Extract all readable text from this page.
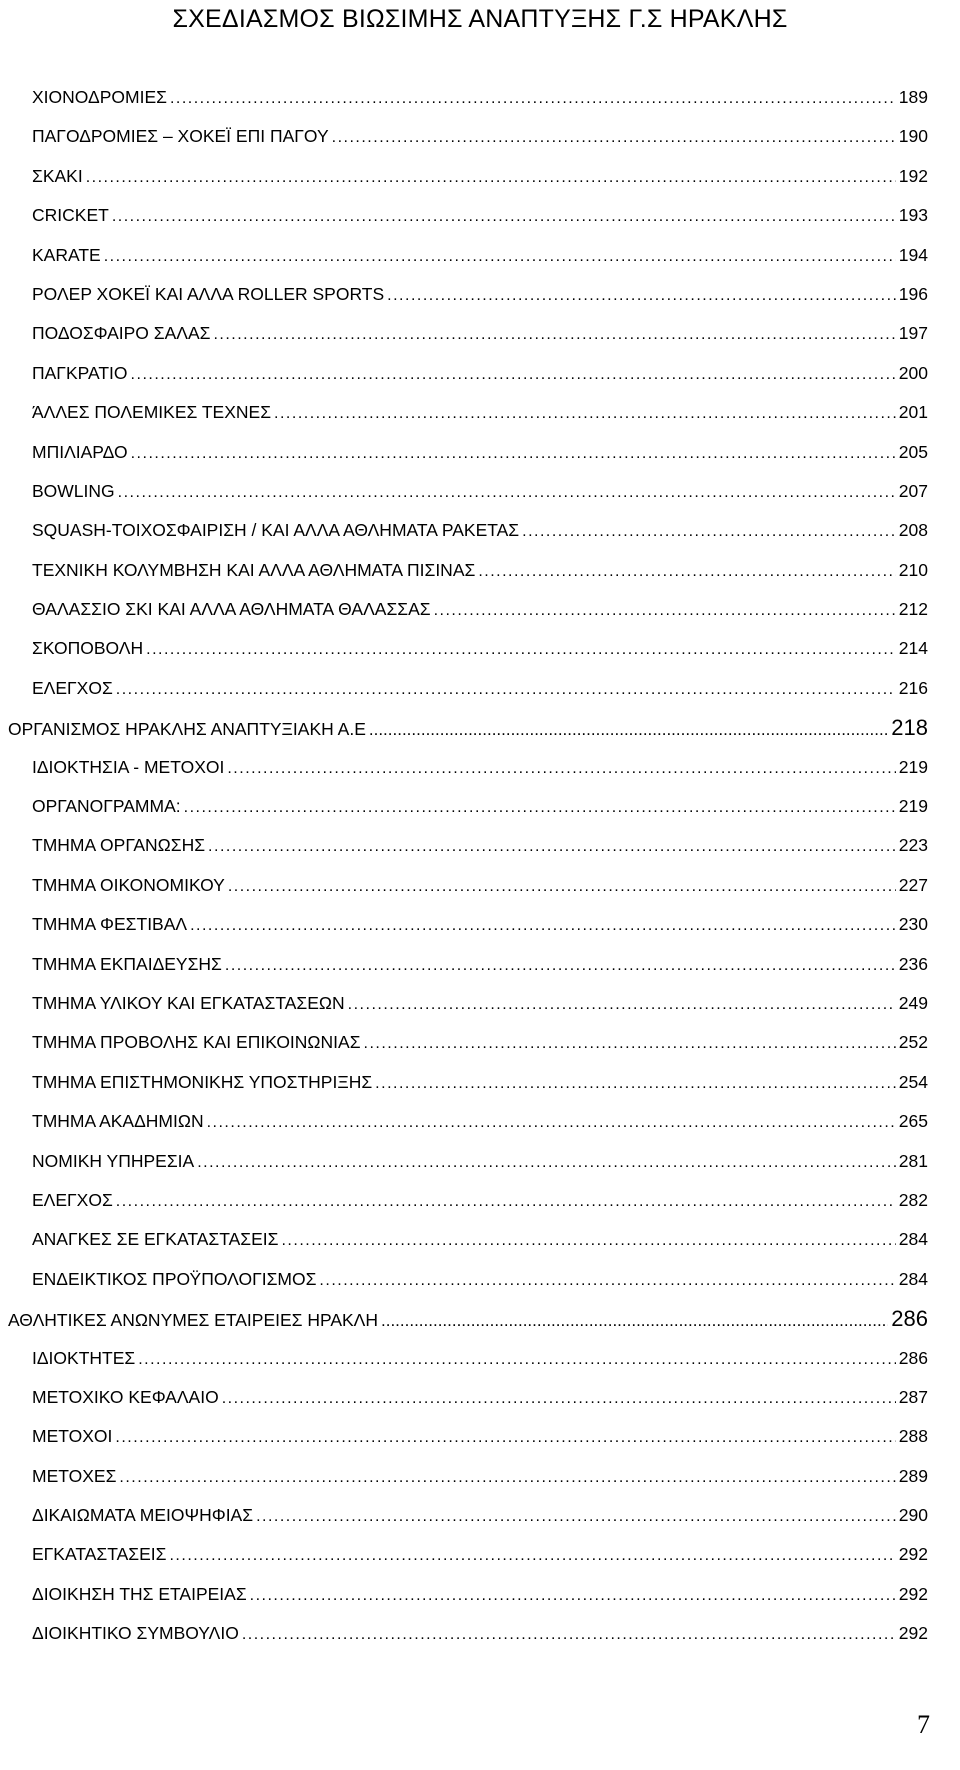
ΣΧΕΔΙΑΣΜΟΣ ΒΙΩΣΙΜΗΣ ΑΝΑΠΤΥΞΗΣ Γ.Σ ΗΡΑΚΛΗΣ
ΧΙΟΝΟΔΡΟΜΙΕΣ .....	189
ΠΑΓΟΔΡΟΜΙΕΣ – ΧΟΚΕΪ ΕΠΙ ΠΑΓΟΥ .....	190
ΣΚΑΚΙ .....	192
CRICKET .....	193
KARATE .....	194
ΡΟΛΕΡ ΧΟΚΕΪ ΚΑΙ ΑΛΛΑ ROLLER SPORTS .....	196
ΠΟΔΟΣΦΑΙΡΟ ΣΑΛΑΣ .....	197
ΠΑΓΚΡΑΤΙΟ .....	200
ΆΛΛΕΣ ΠΟΛΕΜΙΚΕΣ ΤΕΧΝΕΣ .....	201
ΜΠΙΛΙΑΡΔΟ .....	205
BOWLING .....	207
SQUASH-ΤΟΙΧΟΣΦΑΙΡΙΣΗ / ΚΑΙ ΑΛΛΑ ΑΘΛΗΜΑΤΑ ΡΑΚΕΤΑΣ .....	208
ΤΕΧΝΙΚΗ ΚΟΛΥΜΒΗΣΗ ΚΑΙ ΑΛΛΑ ΑΘΛΗΜΑΤΑ ΠΙΣΙΝΑΣ .....	210
ΘΑΛΑΣΣΙΟ ΣΚΙ ΚΑΙ ΑΛΛΑ ΑΘΛΗΜΑΤΑ ΘΑΛΑΣΣΑΣ .....	212
ΣΚΟΠΟΒΟΛΗ .....	214
ΕΛΕΓΧΟΣ .....	216
ΟΡΓΑΝΙΣΜΟΣ ΗΡΑΚΛΗΣ ΑΝΑΠΤΥΞΙΑΚΗ Α.Ε .....	218
ΙΔΙΟΚΤΗΣΙΑ - ΜΕΤΟΧΟΙ .....	219
ΟΡΓΑΝΟΓΡΑΜΜΑ: .....	219
ΤΜΗΜΑ ΟΡΓΑΝΩΣΗΣ .....	223
ΤΜΗΜΑ ΟΙΚΟΝΟΜΙΚΟΥ .....	227
ΤΜΗΜΑ ΦΕΣΤΙΒΑΛ .....	230
ΤΜΗΜΑ ΕΚΠΑΙΔΕΥΣΗΣ .....	236
ΤΜΗΜΑ ΥΛΙΚΟΥ ΚΑΙ ΕΓΚΑΤΑΣΤΑΣΕΩΝ .....	249
ΤΜΗΜΑ ΠΡΟΒΟΛΗΣ ΚΑΙ ΕΠΙΚΟΙΝΩΝΙΑΣ .....	252
ΤΜΗΜΑ ΕΠΙΣΤΗΜΟΝΙΚΗΣ ΥΠΟΣΤΗΡΙΞΗΣ .....	254
ΤΜΗΜΑ ΑΚΑΔΗΜΙΩΝ .....	265
ΝΟΜΙΚΗ ΥΠΗΡΕΣΙΑ .....	281
ΕΛΕΓΧΟΣ .....	282
ΑΝΑΓΚΕΣ ΣΕ ΕΓΚΑΤΑΣΤΑΣΕΙΣ .....	284
ΕΝΔΕΙΚΤΙΚΟΣ ΠΡΟΫΠΟΛΟΓΙΣΜΟΣ .....	284
ΑΘΛΗΤΙΚΕΣ ΑΝΩΝΥΜΕΣ ΕΤΑΙΡΕΙΕΣ ΗΡΑΚΛΗ .....	286
ΙΔΙΟΚΤΗΤΕΣ .....	286
ΜΕΤΟΧΙΚΟ ΚΕΦΑΛΑΙΟ .....	287
ΜΕΤΟΧΟΙ .....	288
ΜΕΤΟΧΕΣ .....	289
ΔΙΚΑΙΩΜΑΤΑ ΜΕΙΟΨΗΦΙΑΣ .....	290
ΕΓΚΑΤΑΣΤΑΣΕΙΣ .....	292
ΔΙΟΙΚΗΣΗ ΤΗΣ ΕΤΑΙΡΕΙΑΣ .....	292
ΔΙΟΙΚΗΤΙΚΟ ΣΥΜΒΟΥΛΙΟ .....	292
7
